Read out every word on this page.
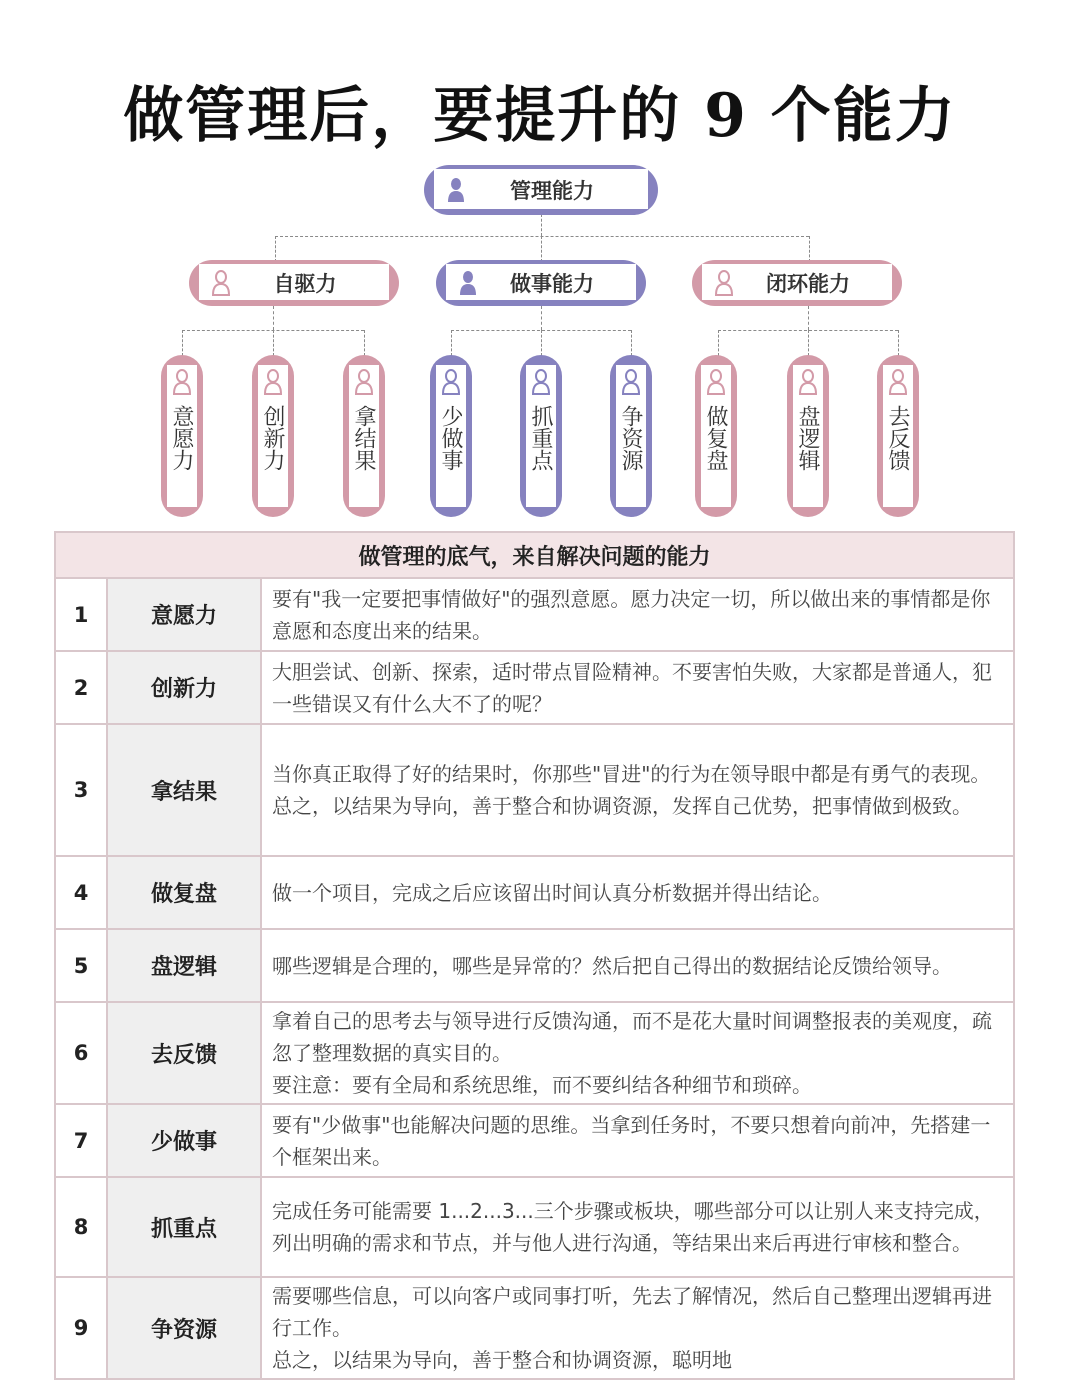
做管理后，要提升的 9 个能力
管理能力
自驱力	做事能力	闭环能力
意愿力	创新力	拿结果	少做事	抓重点	争资源	做复盘	盘逻辑	去反馈
做管理的底气，来自解决问题的能力		
1	意愿力	要有"我一定要把事情做好"的强烈意愿。愿力决定一切，所以做出来的事情都是你意愿和态度出来的结果。

2	创新力	大胆尝试、创新、探索，适时带点冒险精神。不要害怕失败，大家都是普通人，犯一些错误又有什么大不了的呢？

3	拿结果	当你真正取得了好的结果时，你那些"冒进"的行为在领导眼中都是有勇气的表现。

总之，以结果为导向，善于整合和协调资源，发挥自己优势，把事情做到极致。

4	做复盘	做一个项目，完成之后应该留出时间认真分析数据并得出结论。

5	盘逻辑	哪些逻辑是合理的，哪些是异常的？然后把自己得出的数据结论反馈给领导。

6	去反馈	拿着自己的思考去与领导进行反馈沟通，而不是花大量时间调整报表的美观度，疏忽了整理数据的真实目的。

要注意：要有全局和系统思维，而不要纠结各种细节和琐碎。

7	少做事	要有"少做事"也能解决问题的思维。当拿到任务时，不要只想着向前冲，先搭建一个框架出来。

8	抓重点	完成任务可能需要 1...2...3...三个步骤或板块，哪些部分可以让别人来支持完成，列出明确的需求和节点，并与他人进行沟通，等结果出来后再进行审核和整合。

9	争资源	需要哪些信息，可以向客户或同事打听，先去了解情况，然后自己整理出逻辑再进行工作。

总之，以结果为导向，善于整合和协调资源，聪明地
